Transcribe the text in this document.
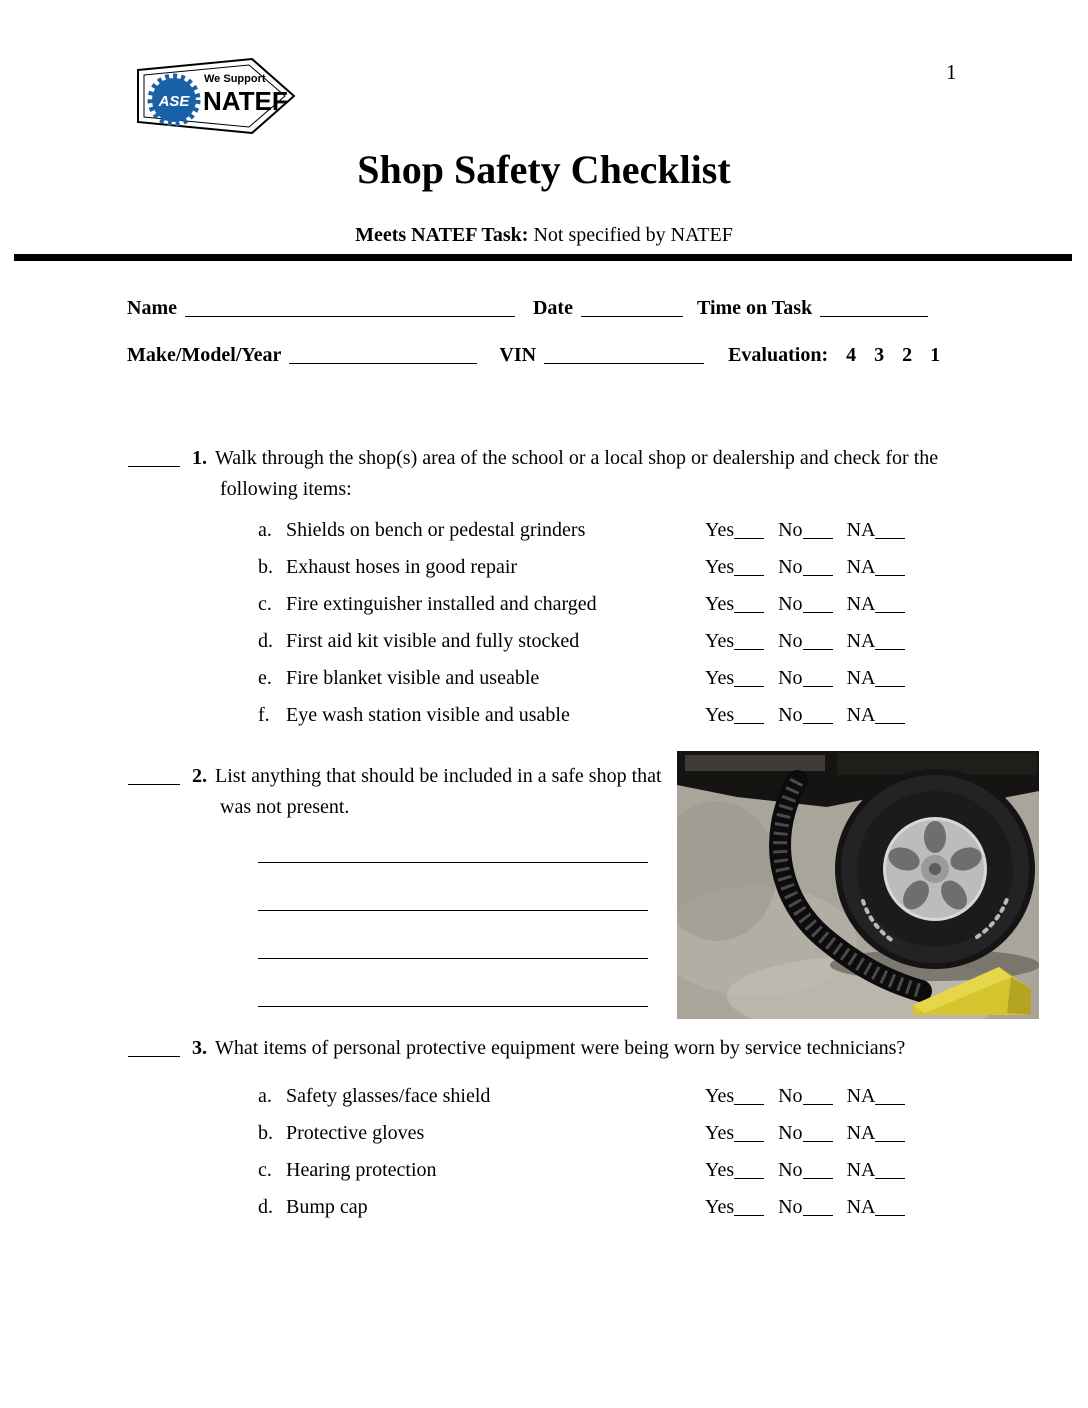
1
ASE
We Support
NATEF
Shop Safety Checklist
Meets NATEF Task: Not specified by NATEF
Name	Date	Time on Task
Make/Model/Year	VIN	Evaluation: 4 3 2 1
1. Walk through the shop(s) area of the school or a local shop or dealership and check for the following items:
a. Shields on bench or pedestal grinders	Yes No NA
b. Exhaust hoses in good repair	Yes No NA
c. Fire extinguisher installed and charged	Yes No NA
d. First aid kit visible and fully stocked	Yes No NA
e. Fire blanket visible and useable	Yes No NA
f. Eye wash station visible and usable	Yes No NA
2. List anything that should be included in a safe shop that was not present.
3. What items of personal protective equipment were being worn by service technicians?
a. Safety glasses/face shield	Yes No NA
b. Protective gloves	Yes No NA
c. Hearing protection	Yes No NA
d. Bump cap	Yes No NA
